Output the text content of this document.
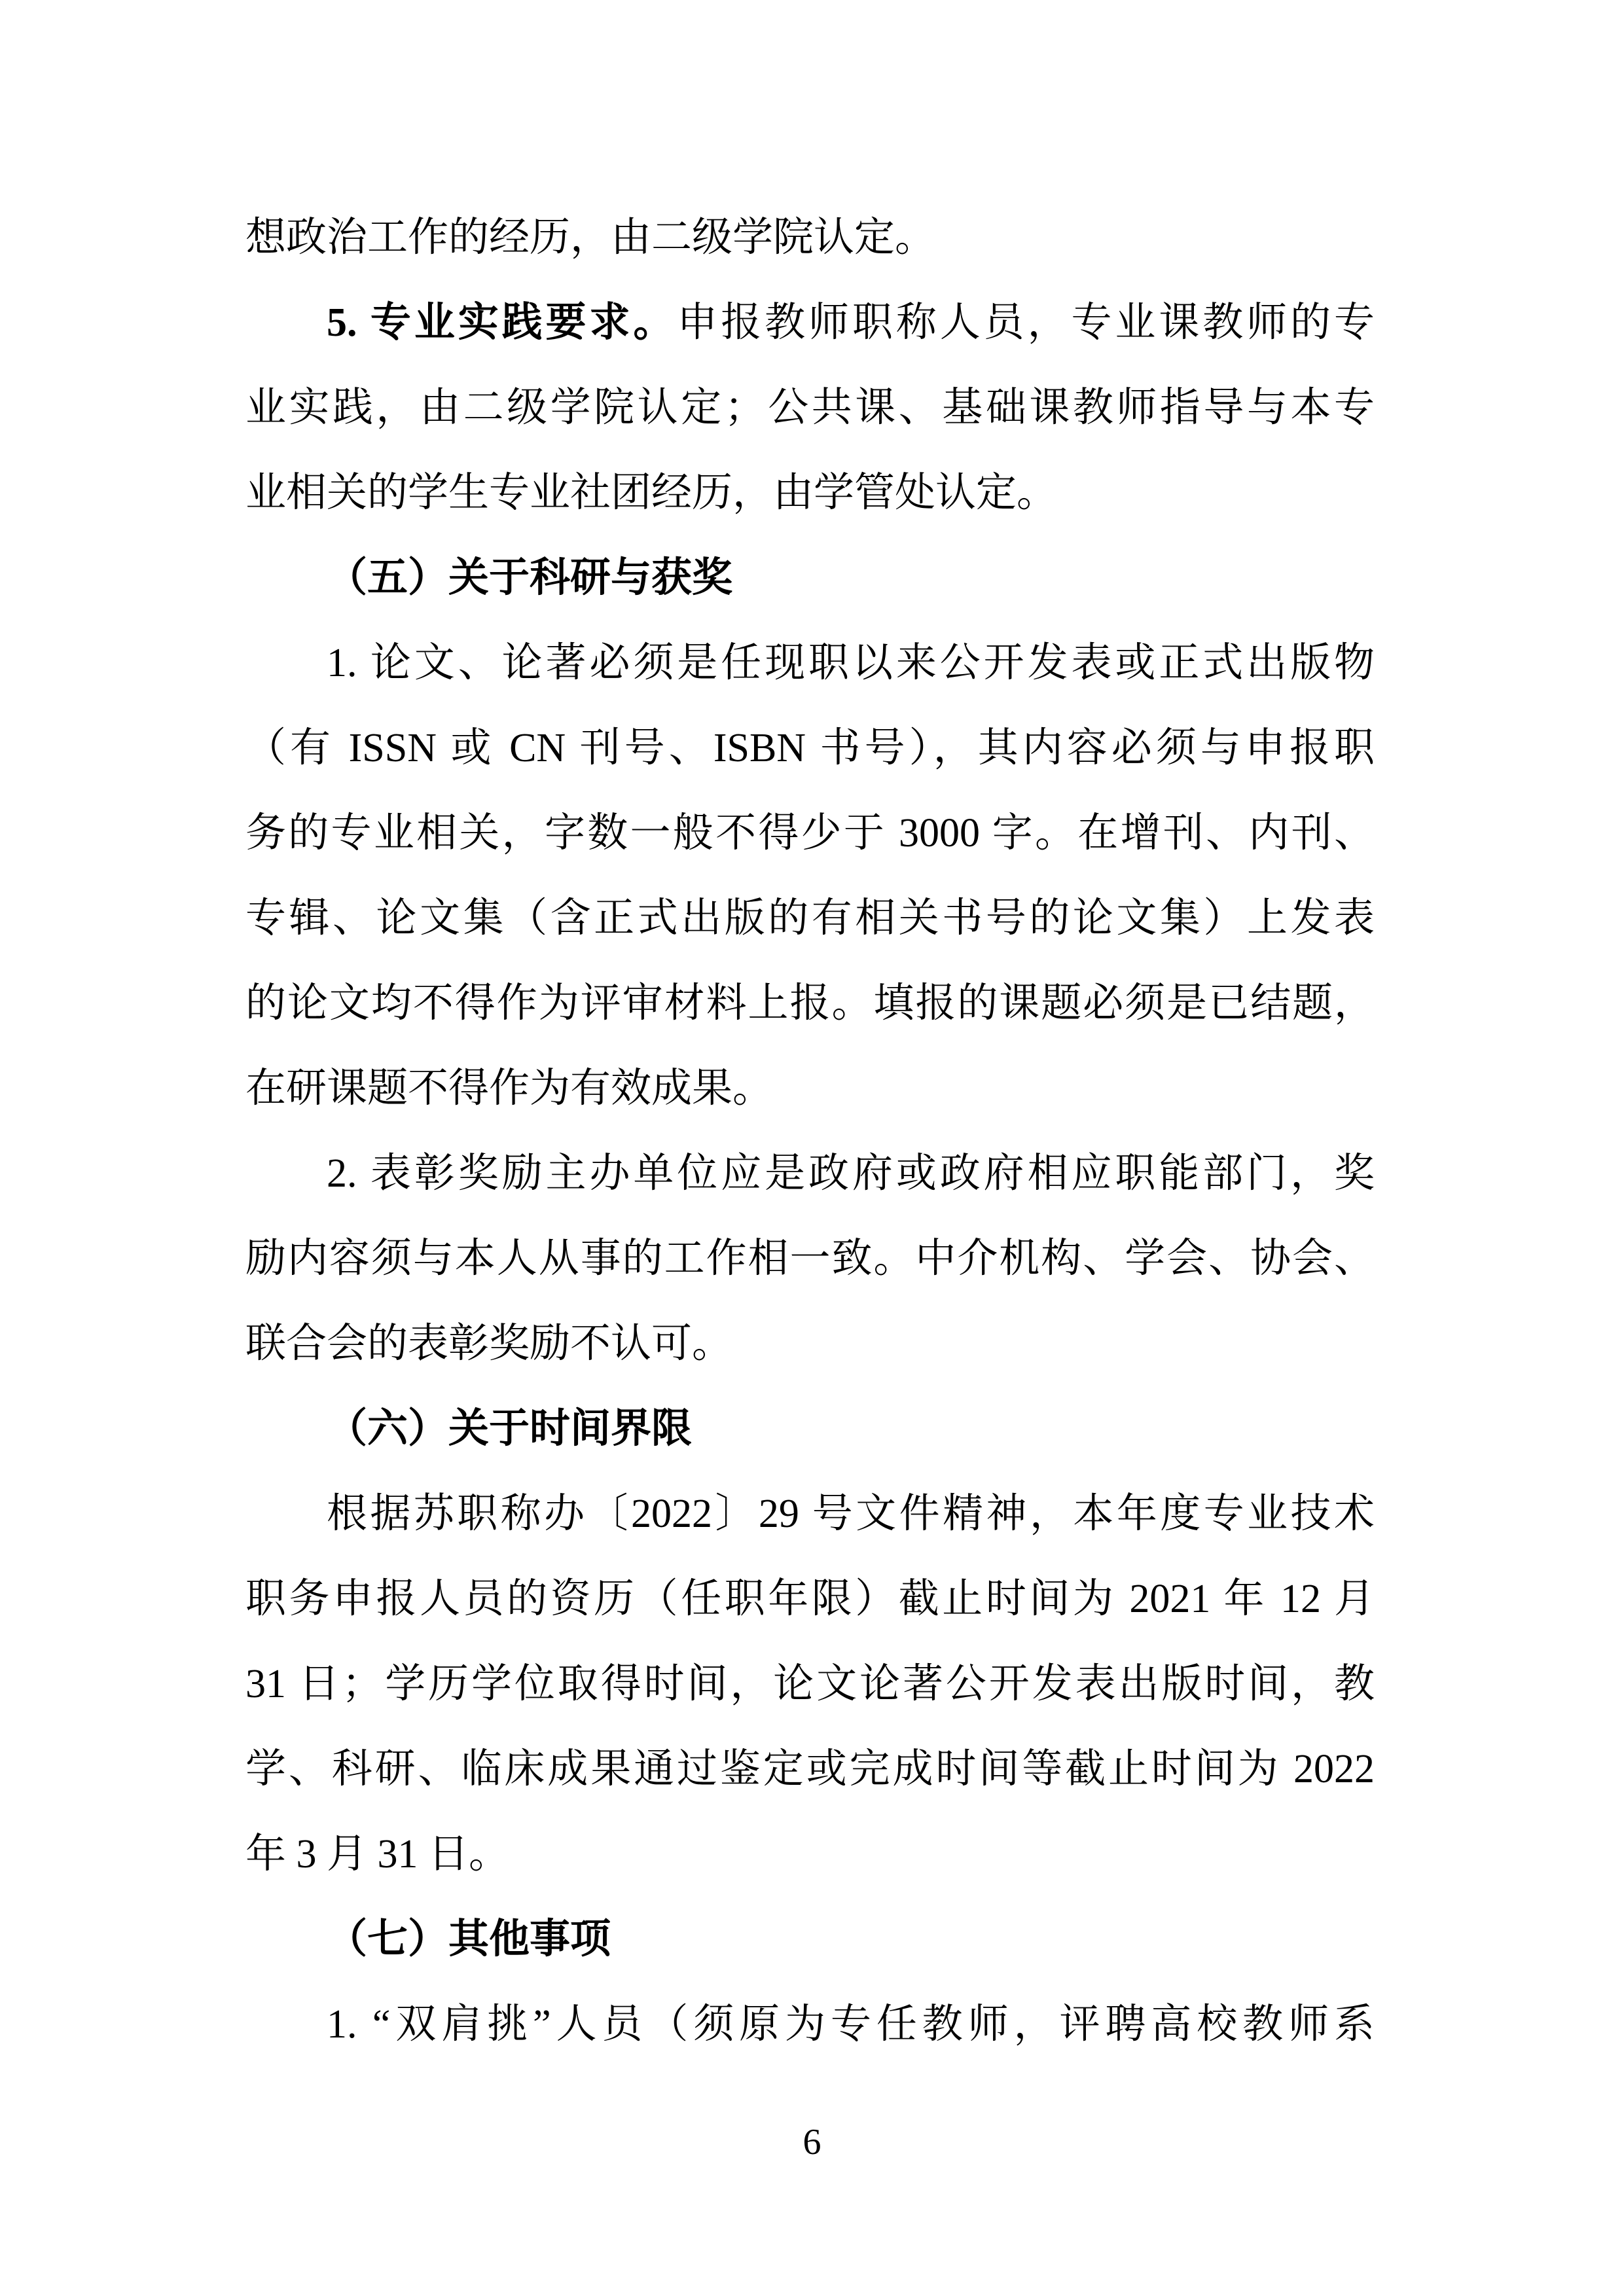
想政治工作的经历，由二级学院认定。
5. 专业实践要求。申报教师职称人员，专业课教师的专
业实践，由二级学院认定；公共课、基础课教师指导与本专
业相关的学生专业社团经历，由学管处认定。
（五）关于科研与获奖
1. 论文、论著必须是任现职以来公开发表或正式出版物
（有 ISSN 或 CN 刊号、ISBN 书号），其内容必须与申报职
务的专业相关，字数一般不得少于 3000 字。在增刊、内刊、
专辑、论文集（含正式出版的有相关书号的论文集）上发表
的论文均不得作为评审材料上报。填报的课题必须是已结题，
在研课题不得作为有效成果。
2. 表彰奖励主办单位应是政府或政府相应职能部门，奖
励内容须与本人从事的工作相一致。中介机构、学会、协会、
联合会的表彰奖励不认可。
（六）关于时间界限
根据苏职称办〔2022〕29 号文件精神，本年度专业技术
职务申报人员的资历（任职年限）截止时间为 2021 年 12 月
31 日；学历学位取得时间，论文论著公开发表出版时间，教
学、科研、临床成果通过鉴定或完成时间等截止时间为 2022
年 3 月 31 日。
（七）其他事项
1. “双肩挑”人员（须原为专任教师，评聘高校教师系
6
